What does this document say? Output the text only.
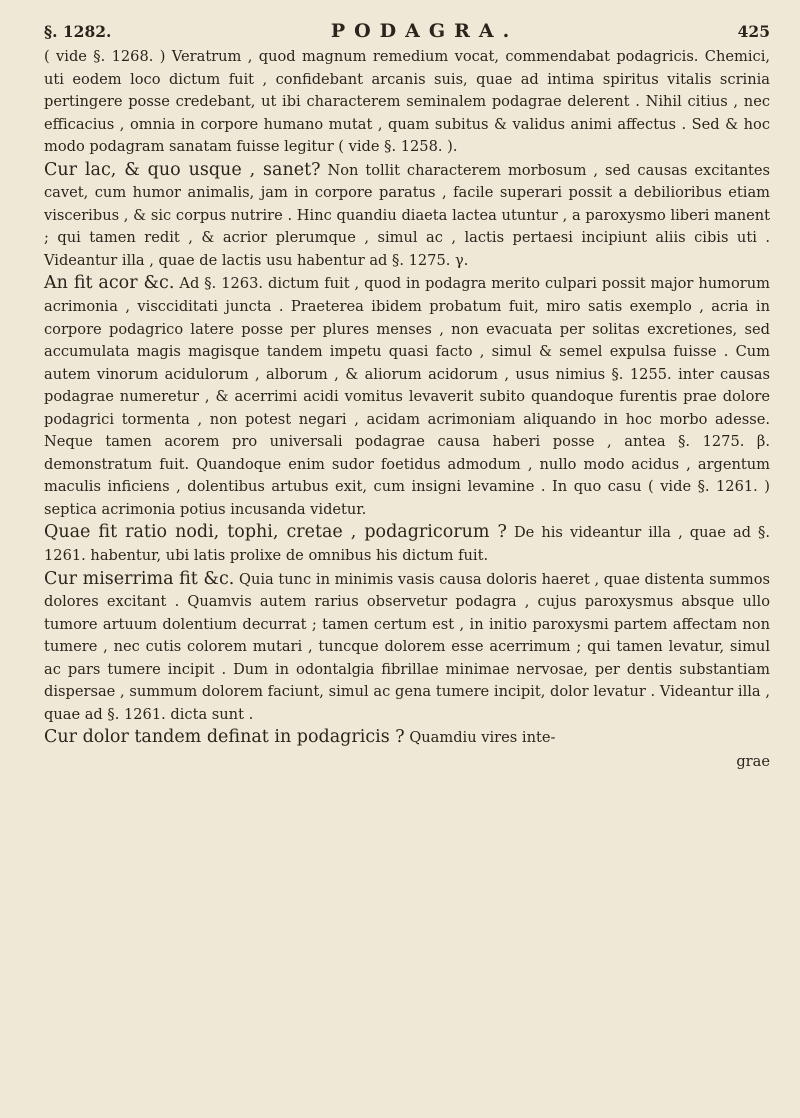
§. 1282.	PODAGRA.	425

( vide §. 1268. ) Veratrum , quod magnum remedium vocat, commendabat podagricis. Chemici, uti eodem loco dictum fuit , confidebant arcanis suis, quae ad intima spiritus vitalis scrinia pertingere posse credebant, ut ibi characterem seminalem podagrae delerent . Nihil citius , nec efficacius , omnia in corpore humano mutat , quam subitus & validus animi affectus . Sed & hoc modo podagram sanatam fuisse legitur ( vide §. 1258. ).

Cur lac, & quo usque , sanet? Non tollit characterem morbosum , sed causas excitantes cavet, cum humor animalis, jam in corpore paratus , facile superari possit a debilioribus etiam visceribus , & sic corpus nutrire . Hinc quandiu diaeta lactea utuntur , a paroxysmo liberi manent ; qui tamen redit , & acrior plerumque , simul ac , lactis pertaesi incipiunt aliis cibis uti . Videantur illa , quae de lactis usu habentur ad §. 1275. γ.

An fit acor &c. Ad §. 1263. dictum fuit , quod in podagra merito culpari possit major humorum acrimonia , viscciditati juncta . Praeterea ibidem probatum fuit, miro satis exemplo , acria in corpore podagrico latere posse per plures menses , non evacuata per solitas excretiones, sed accumulata magis magisque tandem impetu quasi facto , simul & semel expulsa fuisse . Cum autem vinorum acidulorum , alborum , & aliorum acidorum , usus nimius §. 1255. inter causas podagrae numeretur , & acerrimi acidi vomitus levaverit subito quandoque furentis prae dolore podagrici tormenta , non potest negari , acidam acrimoniam aliquando in hoc morbo adesse. Neque tamen acorem pro universali podagrae causa haberi posse , antea §. 1275. β. demonstratum fuit. Quandoque enim sudor foetidus admodum , nullo modo acidus , argentum maculis inficiens , dolentibus artubus exit, cum insigni levamine . In quo casu ( vide §. 1261. ) septica acrimonia potius incusanda videtur.

Quae fit ratio nodi, tophi, cretae , podagricorum ? De his videantur illa , quae ad §. 1261. habentur, ubi latis prolixe de omnibus his dictum fuit.

Cur miserrima fit &c. Quia tunc in minimis vasis causa doloris haeret , quae distenta summos dolores excitant . Quamvis autem rarius observetur podagra , cujus paroxysmus absque ullo tumore artuum dolentium decurrat ; tamen certum est , in initio paroxysmi partem affectam non tumere , nec cutis colorem mutari , tuncque dolorem esse acerrimum ; qui tamen levatur, simul ac pars tumere incipit . Dum in odontalgia fibrillae minimae nervosae, per dentis substantiam dispersae , summum dolorem faciunt, simul ac gena tumere incipit, dolor levatur . Videantur illa , quae ad §. 1261. dicta sunt .

Cur dolor tandem definat in podagricis ? Quamdiu vires inte-

grae
